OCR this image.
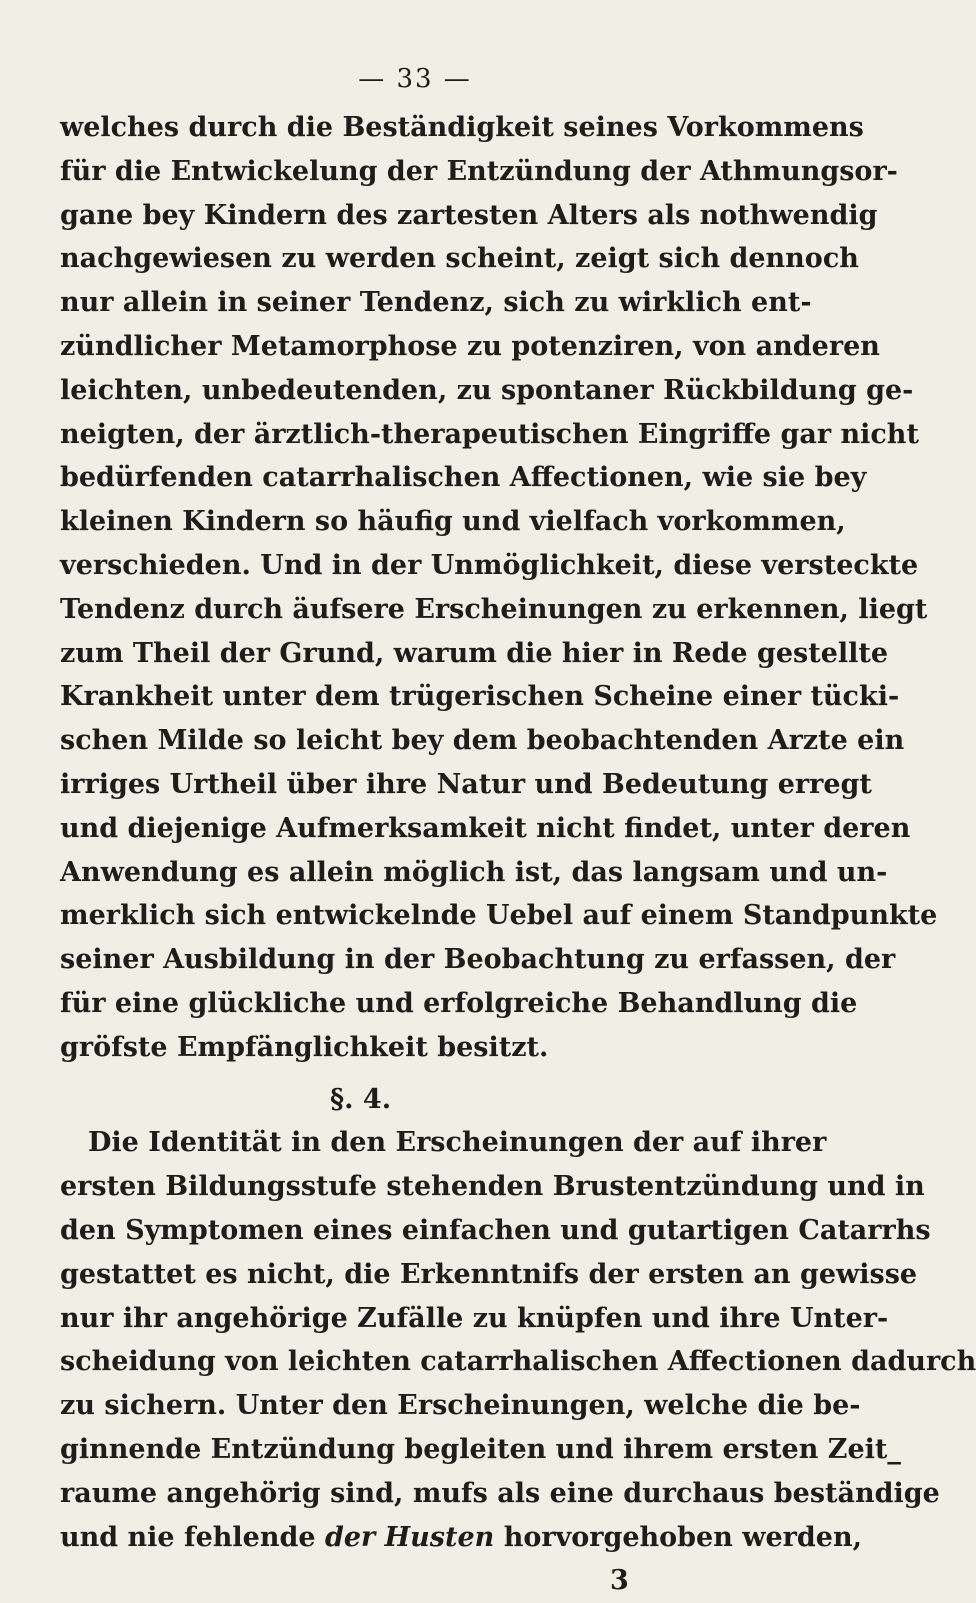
— 33 —
welches durch die Beständigkeit seines Vorkommens
für die Entwickelung der Entzündung der Athmungsor-
gane bey Kindern des zartesten Alters als nothwendig
nachgewiesen zu werden scheint, zeigt sich dennoch
nur allein in seiner Tendenz, sich zu wirklich ent-
zündlicher Metamorphose zu potenziren, von anderen
leichten, unbedeutenden, zu spontaner Rückbildung ge-
neigten, der ärztlich-therapeutischen Eingriffe gar nicht
bedürfenden catarrhalischen Affectionen, wie sie bey
kleinen Kindern so häufig und vielfach vorkommen,
verschieden. Und in der Unmöglichkeit, diese versteckte
Tendenz durch äufsere Erscheinungen zu erkennen, liegt
zum Theil der Grund, warum die hier in Rede gestellte
Krankheit unter dem trügerischen Scheine einer tücki-
schen Milde so leicht bey dem beobachtenden Arzte ein
irriges Urtheil über ihre Natur und Bedeutung erregt
und diejenige Aufmerksamkeit nicht findet, unter deren
Anwendung es allein möglich ist, das langsam und un-
merklich sich entwickelnde Uebel auf einem Standpunkte
seiner Ausbildung in der Beobachtung zu erfassen, der
für eine glückliche und erfolgreiche Behandlung die
gröfste Empfänglichkeit besitzt.
§. 4.
Die Identität in den Erscheinungen der auf ihrer
ersten Bildungsstufe stehenden Brustentzündung und in
den Symptomen eines einfachen und gutartigen Catarrhs
gestattet es nicht, die Erkenntnifs der ersten an gewisse
nur ihr angehörige Zufälle zu knüpfen und ihre Unter-
scheidung von leichten catarrhalischen Affectionen dadurch
zu sichern. Unter den Erscheinungen, welche die be-
ginnende Entzündung begleiten und ihrem ersten Zeit_
raume angehörig sind, mufs als eine durchaus beständige
und nie fehlende der Husten horvorgehoben werden,
3
